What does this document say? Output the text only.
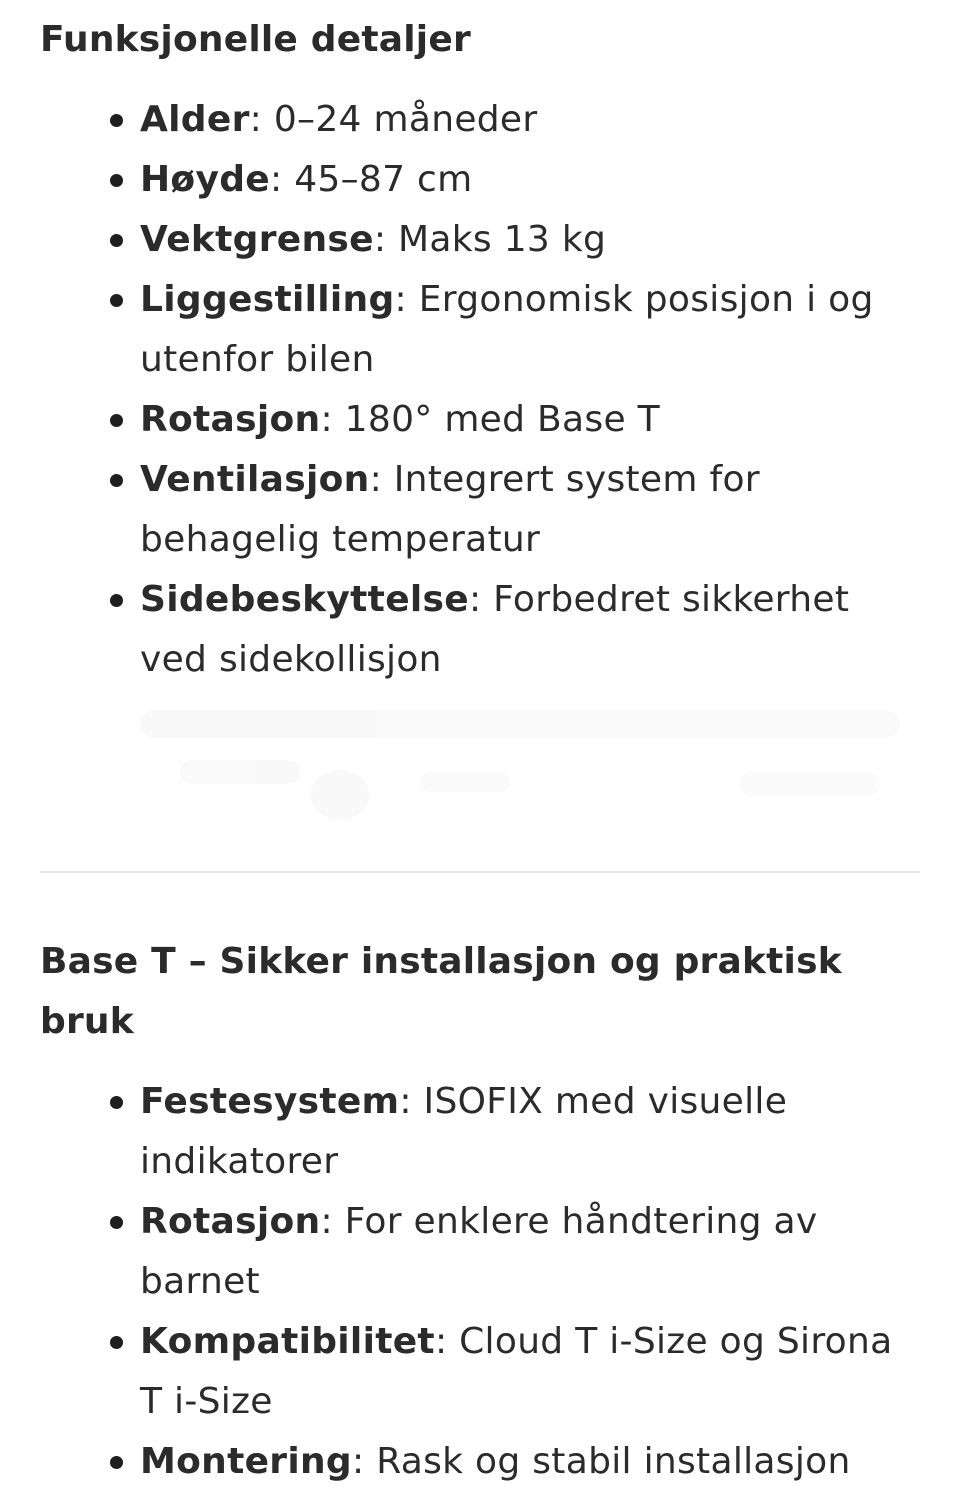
Funksjonelle detaljer
Alder: 0–24 måneder
Høyde: 45–87 cm
Vektgrense: Maks 13 kg
Liggestilling: Ergonomisk posisjon i og utenfor bilen
Rotasjon: 180° med Base T
Ventilasjon: Integrert system for behagelig temperatur
Sidebeskyttelse: Forbedret sikkerhet ved sidekollisjon
Base T – Sikker installasjon og praktisk bruk
Festesystem: ISOFIX med visuelle indikatorer
Rotasjon: For enklere håndtering av barnet
Kompatibilitet: Cloud T i-Size og Sirona T i-Size
Montering: Rask og stabil installasjon
